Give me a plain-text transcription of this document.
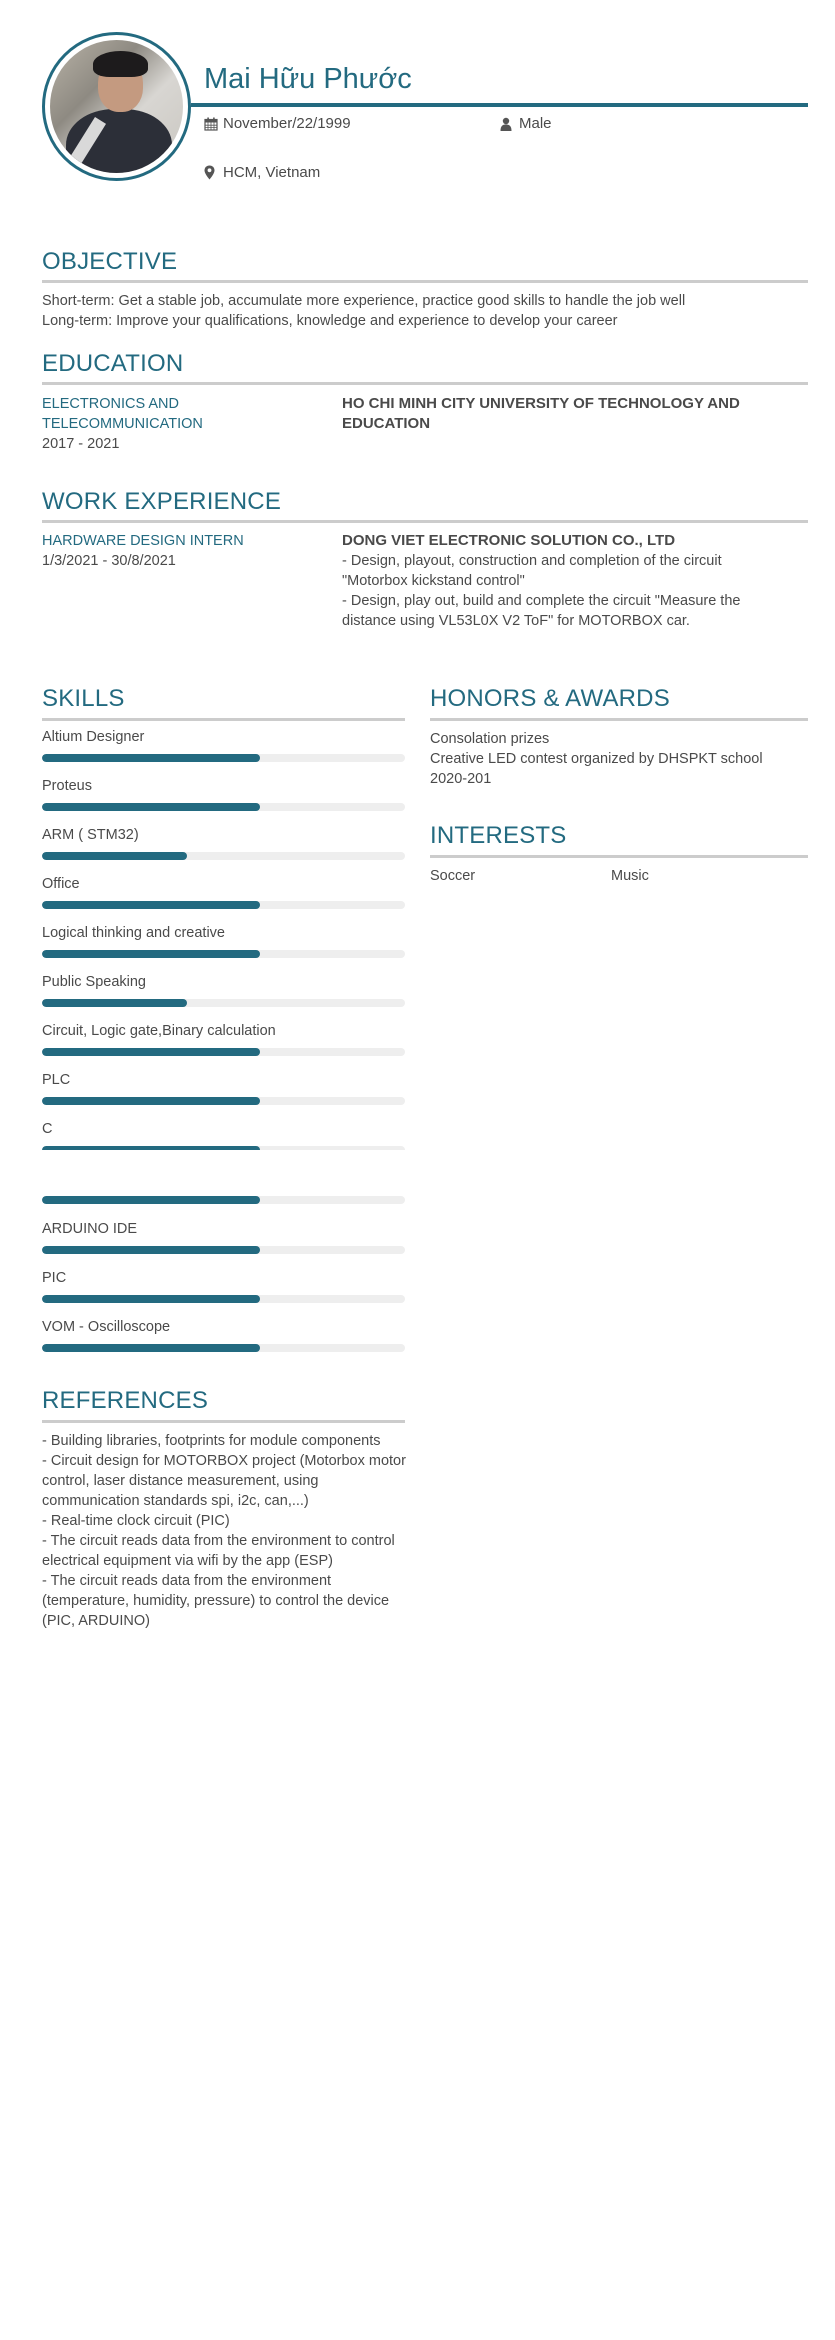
Mai Hữu Phước
November/22/1999	Male
HCM, Vietnam
OBJECTIVE
Short-term: Get a stable job, accumulate more experience, practice good skills to handle the job well
Long-term: Improve your qualifications, knowledge and experience to develop your career
EDUCATION
ELECTRONICS AND TELECOMMUNICATION
2017 - 2021
HO CHI MINH CITY UNIVERSITY OF TECHNOLOGY AND EDUCATION
WORK EXPERIENCE
HARDWARE DESIGN INTERN
1/3/2021 - 30/8/2021
DONG VIET ELECTRONIC SOLUTION CO., LTD
- Design, playout, construction and completion of the circuit "Motorbox kickstand control"
- Design, play out, build and complete the circuit "Measure the distance using VL53L0X V2 ToF" for MOTORBOX car.
SKILLS
Altium Designer
Proteus
ARM ( STM32)
Office
Logical thinking and creative
Public Speaking
Circuit, Logic gate,Binary calculation
PLC
C
ARDUINO IDE
PIC
VOM - Oscilloscope
HONORS & AWARDS
Consolation prizes
Creative LED contest organized by DHSPKT school
2020-201
INTERESTS
Soccer	Music
REFERENCES
- Building libraries, footprints for module components
- Circuit design for MOTORBOX project (Motorbox motor control, laser distance measurement, using communication standards spi, i2c, can,...)
- Real-time clock circuit (PIC)
- The circuit reads data from the environment to control electrical equipment via wifi by the app (ESP)
- The circuit reads data from the environment (temperature, humidity, pressure) to control the device (PIC, ARDUINO)
